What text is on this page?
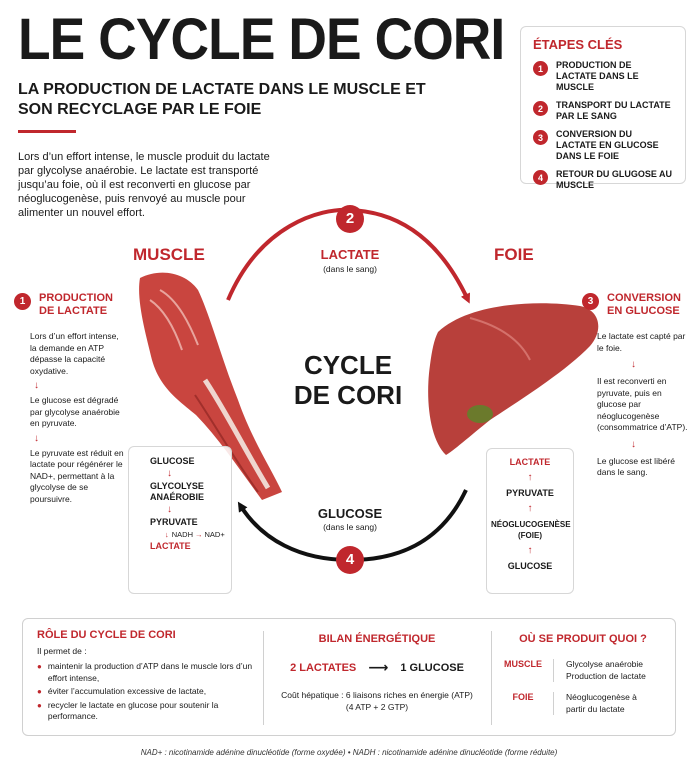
LE CYCLE DE CORI
LA PRODUCTION DE LACTATE DANS LE MUSCLE ET SON RECYCLAGE PAR LE FOIE
Lors d’un effort intense, le muscle produit du lactate par glycolyse anaérobie. Le lactate est transporté jusqu’au foie, où il est reconverti en glucose par néoglucogenèse, puis renvoyé au muscle pour alimenter un nouvel effort.
ÉTAPES CLÉS
1	PRODUCTION DE LACTATE DANS LE MUSCLE
2	TRANSPORT DU LACTATE PAR LE SANG
3	CONVERSION DU LACTATE EN GLUCOSE DANS LE FOIE
4	RETOUR DU GLUGOSE AU MUSCLE
2
4
LACTATE
(dans le sang)
GLUCOSE
(dans le sang)
CYCLE DE CORI
MUSCLE	FOIE
1	PRODUCTION DE LACTATE
Lors d’un effort intense, la demande en ATP dépasse la capacité oxydative.
↓
Le glucose est dégradé par glycolyse anaérobie en pyruvate.
↓
Le pyruvate est réduit en lactate pour régénérer le NAD+, permettant à la glycolyse de se poursuivre.
GLUCOSE
↓
GLYCOLYSE ANAÉROBIE
↓
PYRUVATE
↓ NADH → NAD+
LACTATE
3	CONVERSION EN GLUCOSE
Le lactate est capté par le foie.
↓
Il est reconverti en pyruvate, puis en glucose par néoglucogenèse (consommatrice d’ATP).
↓
Le glucose est libéré dans le sang.
LACTATE
↑
PYRUVATE
↑
NÉOGLUCOGENÈSE (FOIE)
↑
GLUCOSE
RÔLE DU CYCLE DE CORI
Il permet de :
● maintenir la production d’ATP dans le muscle lors d’un effort intense,
● éviter l’accumulation excessive de lactate,
● recycler le lactate en glucose pour soutenir la performance.
BILAN ÉNERGÉTIQUE
2 LACTATES ⟶ 1 GLUCOSE
Coût hépatique : 6 liaisons riches en énergie (ATP)
(4 ATP + 2 GTP)
OÙ SE PRODUIT QUOI ?
MUSCLE	Glycolyse anaérobie Production de lactate
FOIE	Néoglucogenèse à partir du lactate
NAD+ : nicotinamide adénine dinucléotide (forme oxydée) • NADH : nicotinamide adénine dinucléotide (forme réduite)
